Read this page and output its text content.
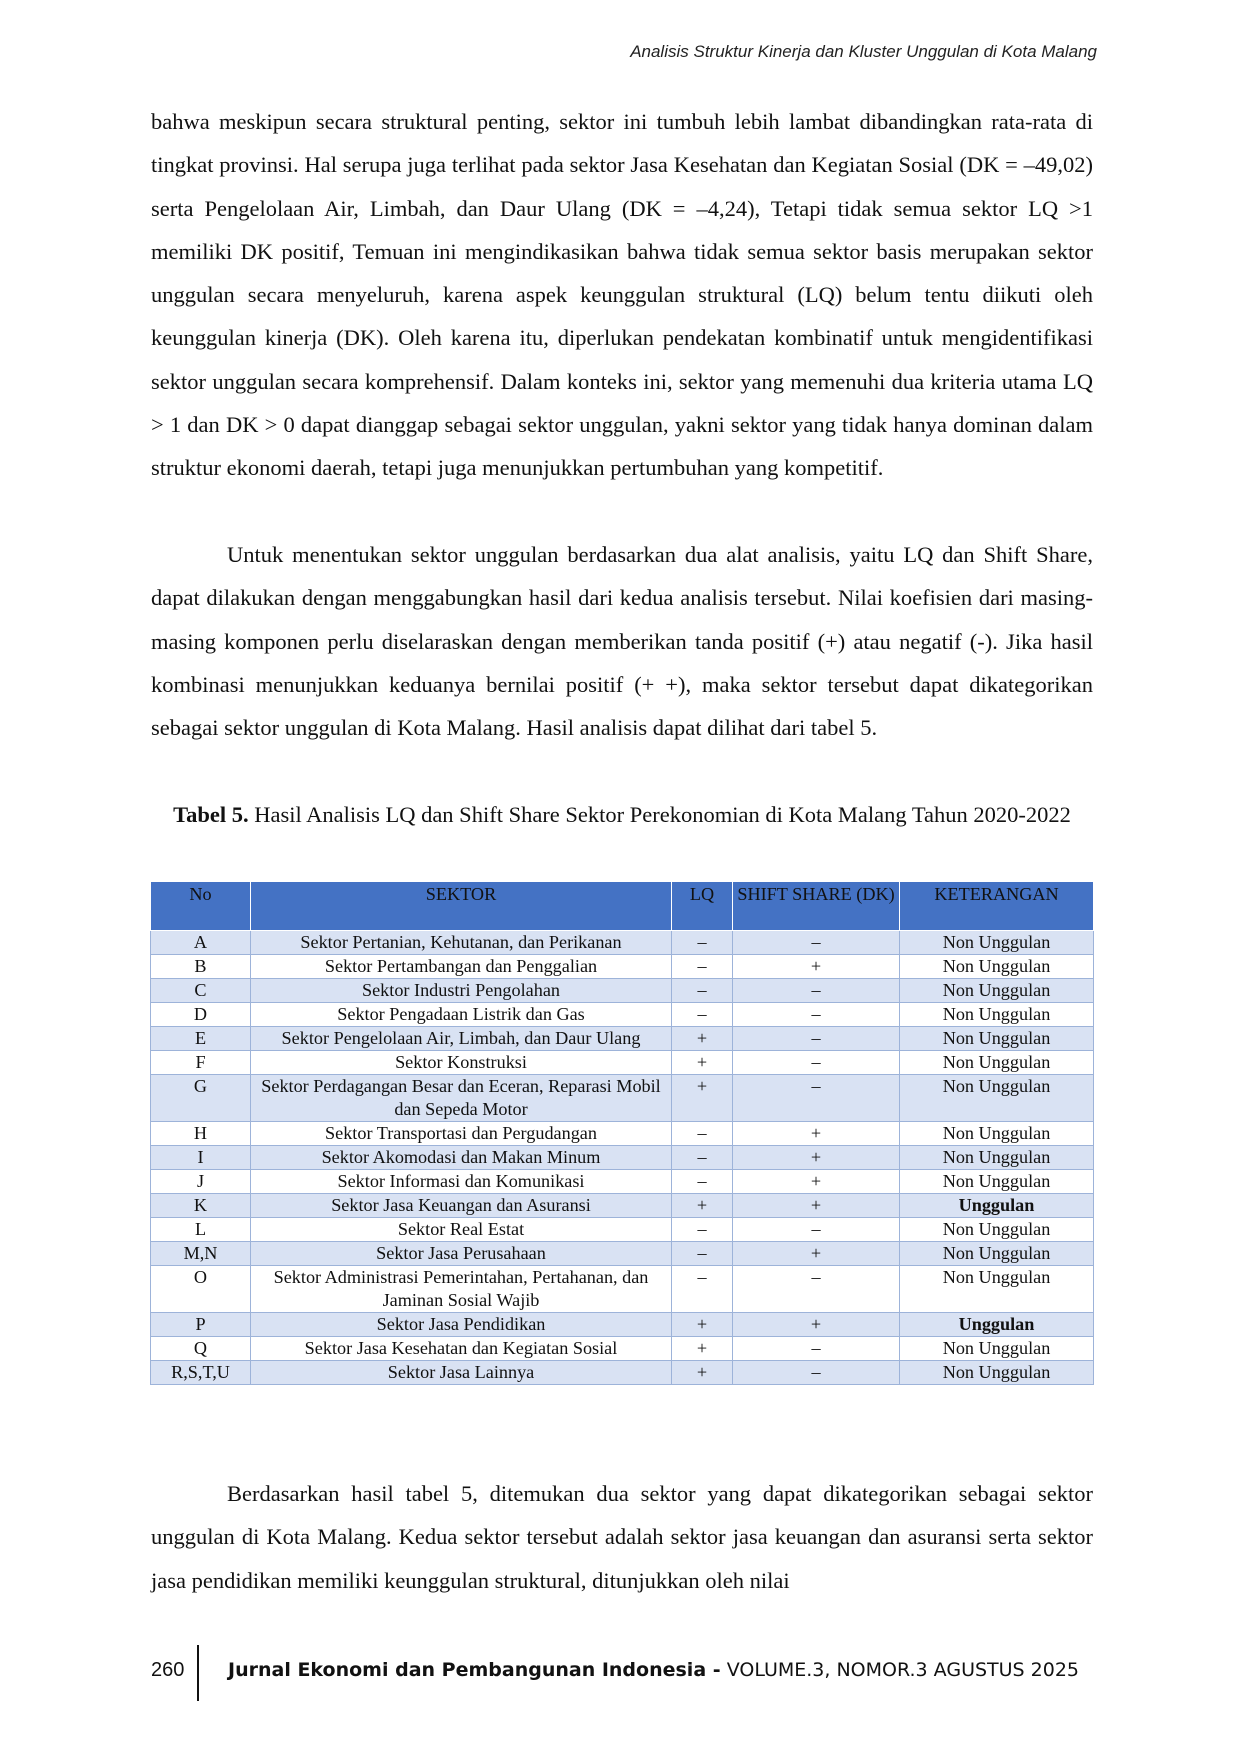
Analisis Struktur Kinerja dan Kluster Unggulan di Kota Malang

bahwa meskipun secara struktural penting, sektor ini tumbuh lebih lambat dibandingkan rata-rata di tingkat provinsi. Hal serupa juga terlihat pada sektor Jasa Kesehatan dan Kegiatan Sosial (DK = –49,02) serta Pengelolaan Air, Limbah, dan Daur Ulang (DK = –4,24), Tetapi tidak semua sektor LQ >1 memiliki DK positif, Temuan ini mengindikasikan bahwa tidak semua sektor basis merupakan sektor unggulan secara menyeluruh, karena aspek keunggulan struktural (LQ) belum tentu diikuti oleh keunggulan kinerja (DK). Oleh karena itu, diperlukan pendekatan kombinatif untuk mengidentifikasi sektor unggulan secara komprehensif. Dalam konteks ini, sektor yang memenuhi dua kriteria utama LQ > 1 dan DK > 0 dapat dianggap sebagai sektor unggulan, yakni sektor yang tidak hanya dominan dalam struktur ekonomi daerah, tetapi juga menunjukkan pertumbuhan yang kompetitif.

Untuk menentukan sektor unggulan berdasarkan dua alat analisis, yaitu LQ dan Shift Share, dapat dilakukan dengan menggabungkan hasil dari kedua analisis tersebut. Nilai koefisien dari masing-masing komponen perlu diselaraskan dengan memberikan tanda positif (+) atau negatif (-). Jika hasil kombinasi menunjukkan keduanya bernilai positif (+ +), maka sektor tersebut dapat dikategorikan sebagai sektor unggulan di Kota Malang. Hasil analisis dapat dilihat dari tabel 5.

Tabel 5. Hasil Analisis LQ dan Shift Share Sektor Perekonomian di Kota Malang Tahun 2020-2022
No	SEKTOR	LQ	SHIFT SHARE (DK)	KETERANGAN
A	Sektor Pertanian, Kehutanan, dan Perikanan	–	–	Non Unggulan
B	Sektor Pertambangan dan Penggalian	–	+	Non Unggulan
C	Sektor Industri Pengolahan	–	–	Non Unggulan
D	Sektor Pengadaan Listrik dan Gas	–	–	Non Unggulan
E	Sektor Pengelolaan Air, Limbah, dan Daur Ulang	+	–	Non Unggulan
F	Sektor Konstruksi	+	–	Non Unggulan
G	Sektor Perdagangan Besar dan Eceran, Reparasi Mobil dan Sepeda Motor	+	–	Non Unggulan
H	Sektor Transportasi dan Pergudangan	–	+	Non Unggulan
I	Sektor Akomodasi dan Makan Minum	–	+	Non Unggulan
J	Sektor Informasi dan Komunikasi	–	+	Non Unggulan
K	Sektor Jasa Keuangan dan Asuransi	+	+	Unggulan
L	Sektor Real Estat	–	–	Non Unggulan
M,N	Sektor Jasa Perusahaan	–	+	Non Unggulan
O	Sektor Administrasi Pemerintahan, Pertahanan, dan Jaminan Sosial Wajib	–	–	Non Unggulan
P	Sektor Jasa Pendidikan	+	+	Unggulan
Q	Sektor Jasa Kesehatan dan Kegiatan Sosial	+	–	Non Unggulan
R,S,T,U	Sektor Jasa Lainnya	+	–	Non Unggulan

Berdasarkan hasil tabel 5, ditemukan dua sektor yang dapat dikategorikan sebagai sektor unggulan di Kota Malang. Kedua sektor tersebut adalah sektor jasa keuangan dan asuransi serta sektor jasa pendidikan memiliki keunggulan struktural, ditunjukkan oleh nilai

260 Jurnal Ekonomi dan Pembangunan Indonesia - VOLUME.3, NOMOR.3 AGUSTUS 2025
